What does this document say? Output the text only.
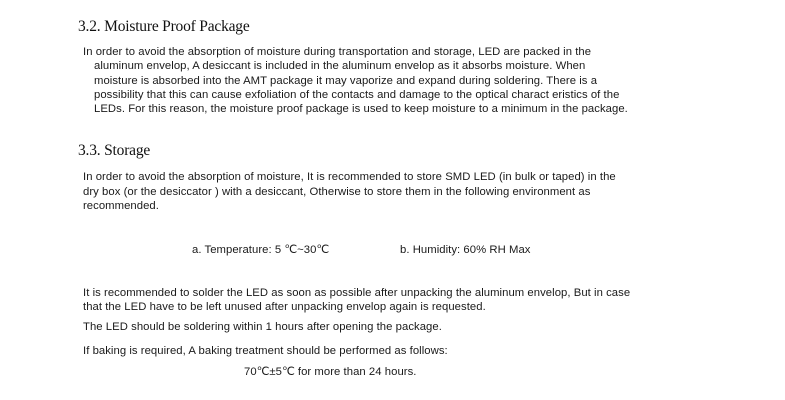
3.2. Moisture Proof Package

In order to avoid the absorption of moisture during transportation and storage, LED are packed in the

aluminum envelop, A desiccant is included in the aluminum envelop as it absorbs moisture. When

moisture is absorbed into the AMT package it may vaporize and expand during soldering. There is a

possibility that this can cause exfoliation of the contacts and damage to the optical charact eristics of the

LEDs. For this reason, the moisture proof package is used to keep moisture to a minimum in the package.

3.3. Storage

In order to avoid the absorption of moisture, It is recommended to store SMD LED (in bulk or taped) in the

dry box (or the desiccator ) with a desiccant, Otherwise to store them in the following environment as

recommended.

a. Temperature: 5 ℃~30℃	b. Humidity: 60% RH Max

It is recommended to solder the LED as soon as possible after unpacking the aluminum envelop, But in case

that the LED have to be left unused after unpacking envelop again is requested.

The LED should be soldering within 1 hours after opening the package.

If baking is required, A baking treatment should be performed as follows:

70℃±5℃ for more than 24 hours.
